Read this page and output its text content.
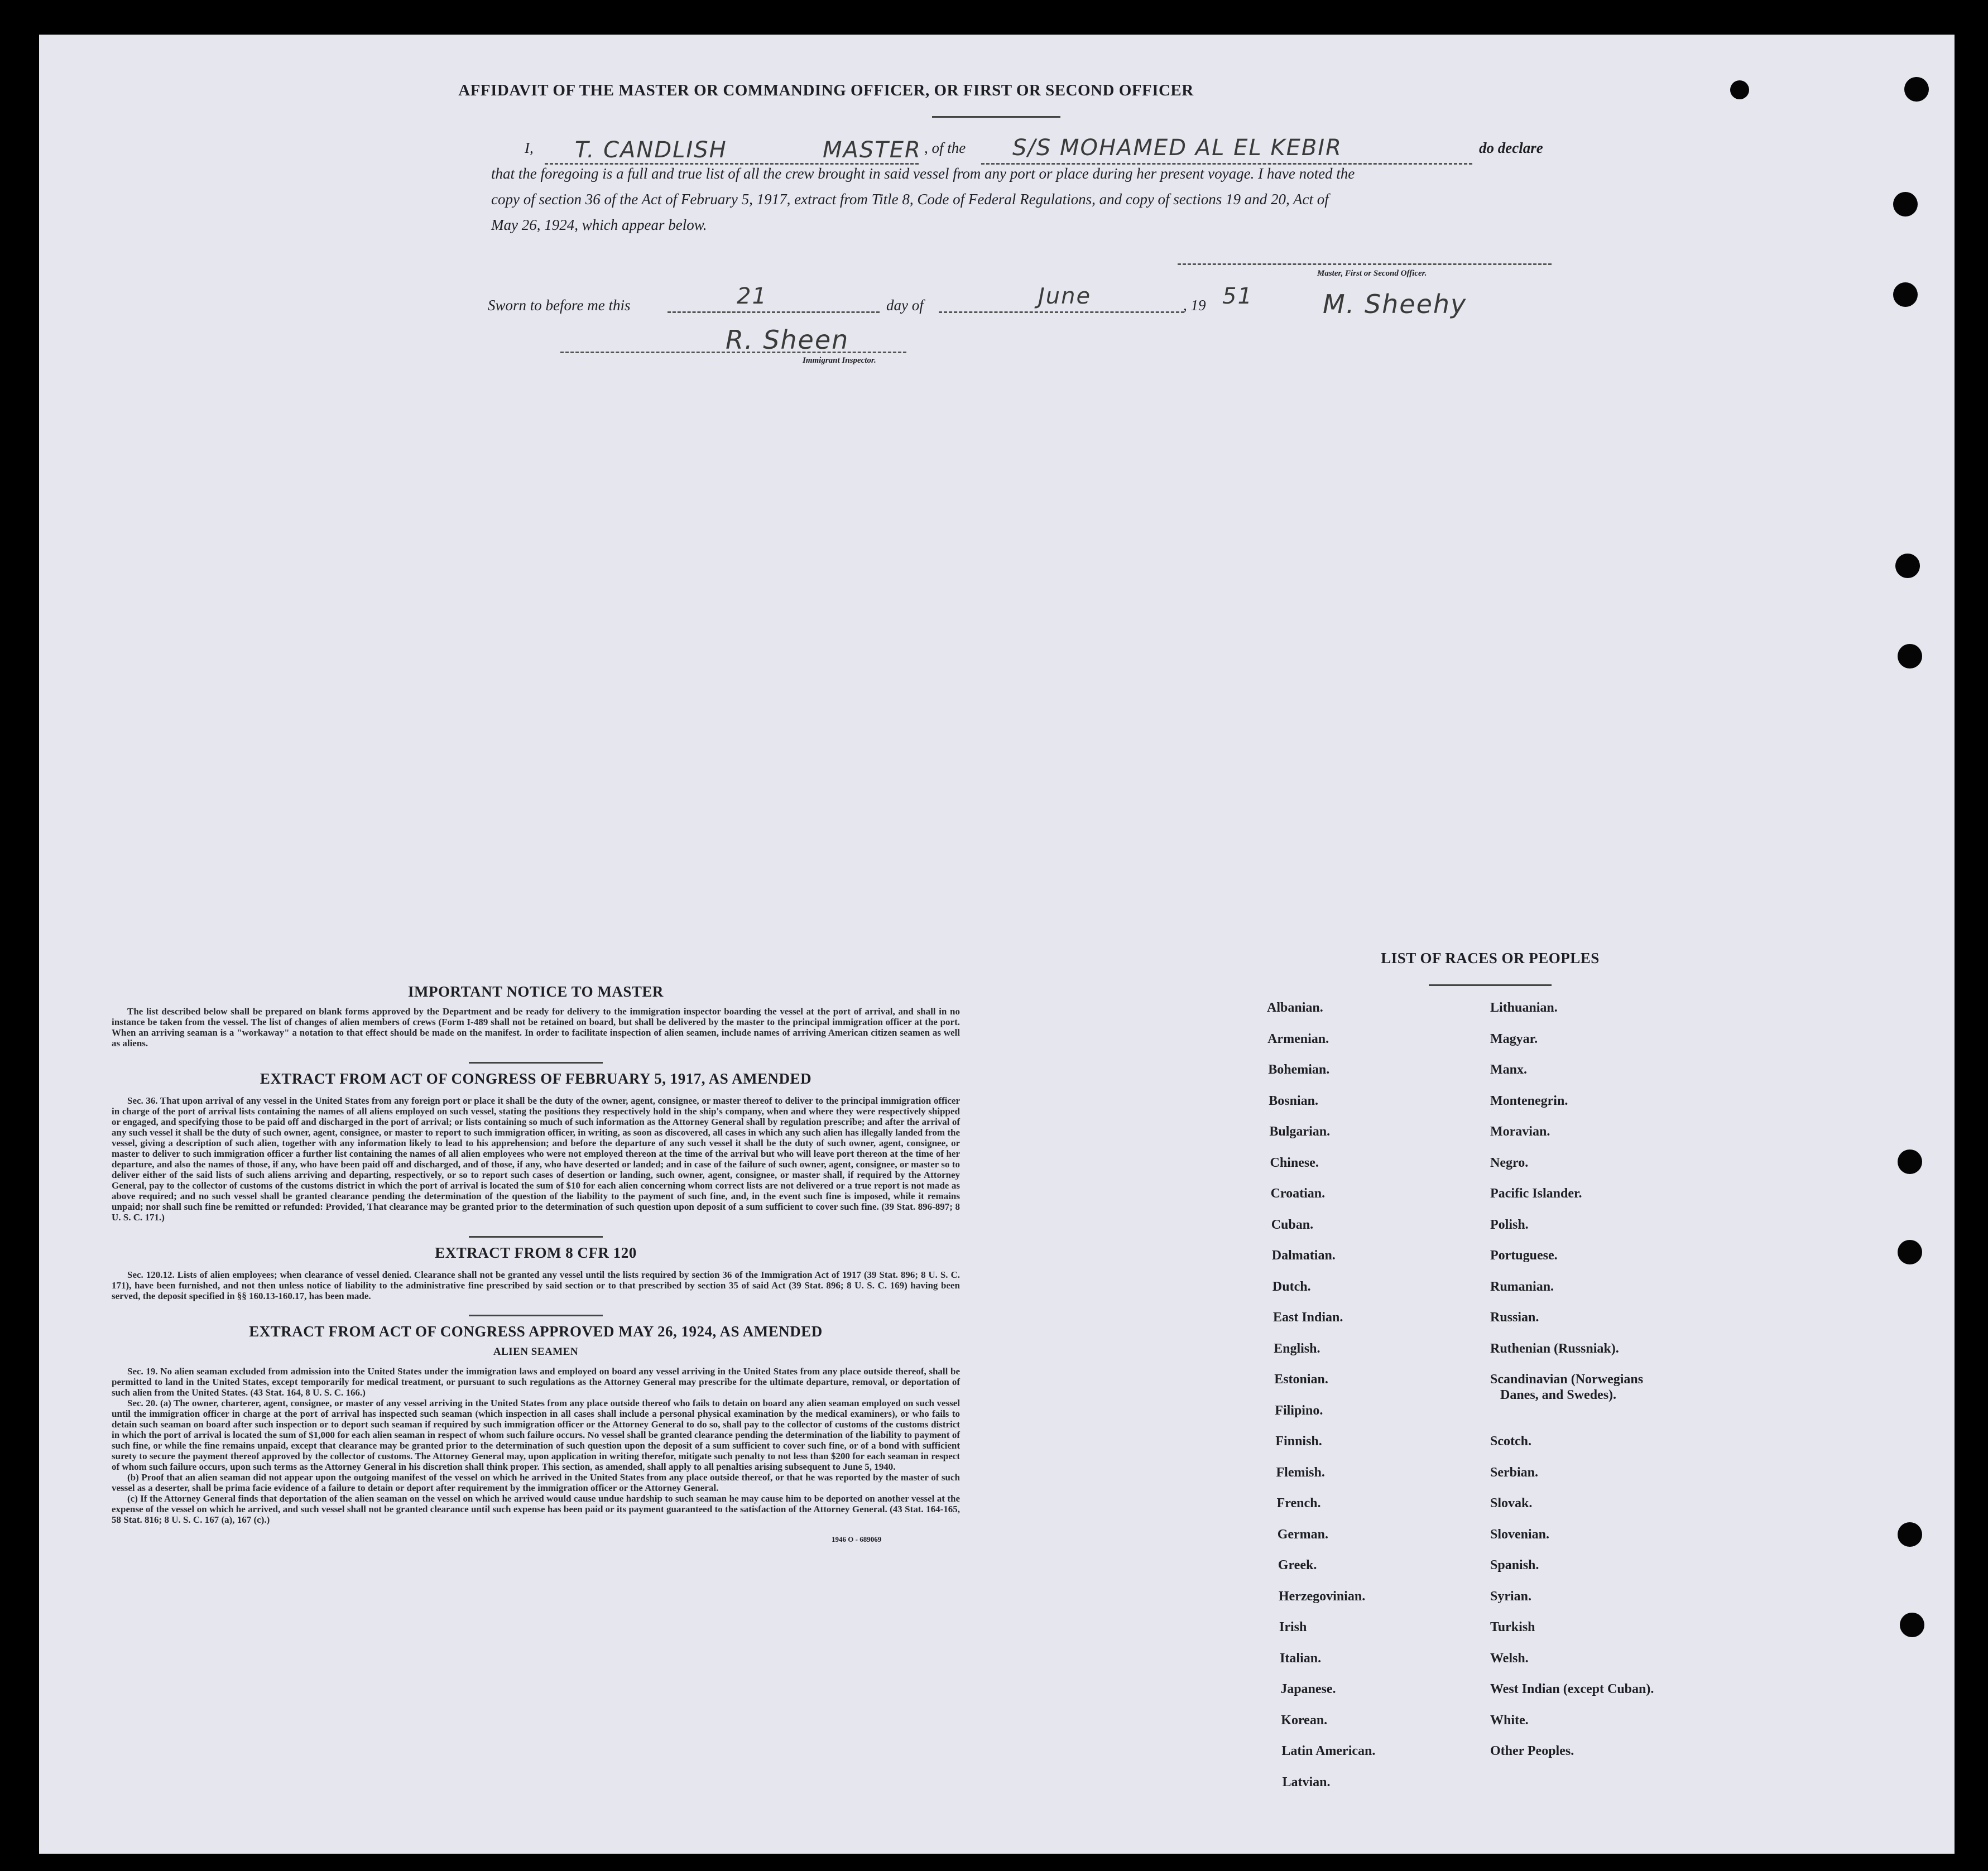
AFFIDAVIT OF THE MASTER OR COMMANDING OFFICER, OR FIRST OR SECOND OFFICER
I,	T. CANDLISH	MASTER , of the S/S MOHAMED AL EL KEBIR	do declare
that the foregoing is a full and true list of all the crew brought in said vessel from any port or place during her present voyage. I have noted the
copy of section 36 of the Act of February 5, 1917, extract from Title 8, Code of Federal Regulations, and copy of sections 19 and 20, Act of
May 26, 1924, which appear below.
Master, First or Second Officer.
M. Sheehy
Sworn to before me this	21	day of	June	, 19 51
R. Sheen
Immigrant Inspector.
IMPORTANT NOTICE TO MASTER

The list described below shall be prepared on blank forms approved by the Department and be ready for delivery to the immigration inspector boarding the vessel at the port of arrival, and shall in no instance be taken from the vessel. The list of changes of alien members of crews (Form I-489 shall not be retained on board, but shall be delivered by the master to the principal immigration officer at the port. When an arriving seaman is a "workaway" a notation to that effect should be made on the manifest. In order to facilitate inspection of alien seamen, include names of arriving American citizen seamen as well as aliens.

EXTRACT FROM ACT OF CONGRESS OF FEBRUARY 5, 1917, AS AMENDED

Sec. 36. That upon arrival of any vessel in the United States from any foreign port or place it shall be the duty of the owner, agent, consignee, or master thereof to deliver to the principal immigration officer in charge of the port of arrival lists containing the names of all aliens employed on such vessel, stating the positions they respectively hold in the ship's company, when and where they were respectively shipped or engaged, and specifying those to be paid off and discharged in the port of arrival; or lists containing so much of such information as the Attorney General shall by regulation prescribe; and after the arrival of any such vessel it shall be the duty of such owner, agent, consignee, or master to report to such immigration officer, in writing, as soon as discovered, all cases in which any such alien has illegally landed from the vessel, giving a description of such alien, together with any information likely to lead to his apprehension; and before the departure of any such vessel it shall be the duty of such owner, agent, consignee, or master to deliver to such immigration officer a further list containing the names of all alien employees who were not employed thereon at the time of the arrival but who will leave port thereon at the time of her departure, and also the names of those, if any, who have been paid off and discharged, and of those, if any, who have deserted or landed; and in case of the failure of such owner, agent, consignee, or master so to deliver either of the said lists of such aliens arriving and departing, respectively, or so to report such cases of desertion or landing, such owner, agent, consignee, or master shall, if required by the Attorney General, pay to the collector of customs of the customs district in which the port of arrival is located the sum of $10 for each alien concerning whom correct lists are not delivered or a true report is not made as above required; and no such vessel shall be granted clearance pending the determination of the question of the liability to the payment of such fine, and, in the event such fine is imposed, while it remains unpaid; nor shall such fine be remitted or refunded: Provided, That clearance may be granted prior to the determination of such question upon deposit of a sum sufficient to cover such fine. (39 Stat. 896-897; 8 U. S. C. 171.)

EXTRACT FROM 8 CFR 120

Sec. 120.12. Lists of alien employees; when clearance of vessel denied. Clearance shall not be granted any vessel until the lists required by section 36 of the Immigration Act of 1917 (39 Stat. 896; 8 U. S. C. 171), have been furnished, and not then unless notice of liability to the administrative fine prescribed by said section or to that prescribed by section 35 of said Act (39 Stat. 896; 8 U. S. C. 169) having been served, the deposit specified in §§ 160.13-160.17, has been made.

EXTRACT FROM ACT OF CONGRESS APPROVED MAY 26, 1924, AS AMENDED
ALIEN SEAMEN

Sec. 19. No alien seaman excluded from admission into the United States under the immigration laws and employed on board any vessel arriving in the United States from any place outside thereof, shall be permitted to land in the United States, except temporarily for medical treatment, or pursuant to such regulations as the Attorney General may prescribe for the ultimate departure, removal, or deportation of such alien from the United States. (43 Stat. 164, 8 U. S. C. 166.)

Sec. 20. (a) The owner, charterer, agent, consignee, or master of any vessel arriving in the United States from any place outside thereof who fails to detain on board any alien seaman employed on such vessel until the immigration officer in charge at the port of arrival has inspected such seaman (which inspection in all cases shall include a personal physical examination by the medical examiners), or who fails to detain such seaman on board after such inspection or to deport such seaman if required by such immigration officer or the Attorney General to do so, shall pay to the collector of customs of the customs district in which the port of arrival is located the sum of $1,000 for each alien seaman in respect of whom such failure occurs. No vessel shall be granted clearance pending the determination of the liability to payment of such fine, or while the fine remains unpaid, except that clearance may be granted prior to the determination of such question upon the deposit of a sum sufficient to cover such fine, or of a bond with sufficient surety to secure the payment thereof approved by the collector of customs. The Attorney General may, upon application in writing therefor, mitigate such penalty to not less than $200 for each seaman in respect of whom such failure occurs, upon such terms as the Attorney General in his discretion shall think proper. This section, as amended, shall apply to all penalties arising subsequent to June 5, 1940.

(b) Proof that an alien seaman did not appear upon the outgoing manifest of the vessel on which he arrived in the United States from any place outside thereof, or that he was reported by the master of such vessel as a deserter, shall be prima facie evidence of a failure to detain or deport after requirement by the immigration officer or the Attorney General.

(c) If the Attorney General finds that deportation of the alien seaman on the vessel on which he arrived would cause undue hardship to such seaman he may cause him to be deported on another vessel at the expense of the vessel on which he arrived, and such vessel shall not be granted clearance until such expense has been paid or its payment guaranteed to the satisfaction of the Attorney General. (43 Stat. 164-165, 58 Stat. 816; 8 U. S. C. 167 (a), 167 (c).)

1946 O - 689069
LIST OF RACES OR PEOPLES
Albanian.
Armenian.
Bohemian.
Bosnian.
Bulgarian.
Chinese.
Croatian.
Cuban.
Dalmatian.
Dutch.
East Indian.
English.
Estonian.
Filipino.
Finnish.
Flemish.
French.
German.
Greek.
Herzegovinian.
Irish
Italian.
Japanese.
Korean.
Latin American.
Latvian.
Lithuanian.
Magyar.
Manx.
Montenegrin.
Moravian.
Negro.
Pacific Islander.
Polish.
Portuguese.
Rumanian.
Russian.
Ruthenian (Russniak).
Scandinavian (Norwegians
Danes, and Swedes).
Scotch.
Serbian.
Slovak.
Slovenian.
Spanish.
Syrian.
Turkish
Welsh.
West Indian (except Cuban).
White.
Other Peoples.
